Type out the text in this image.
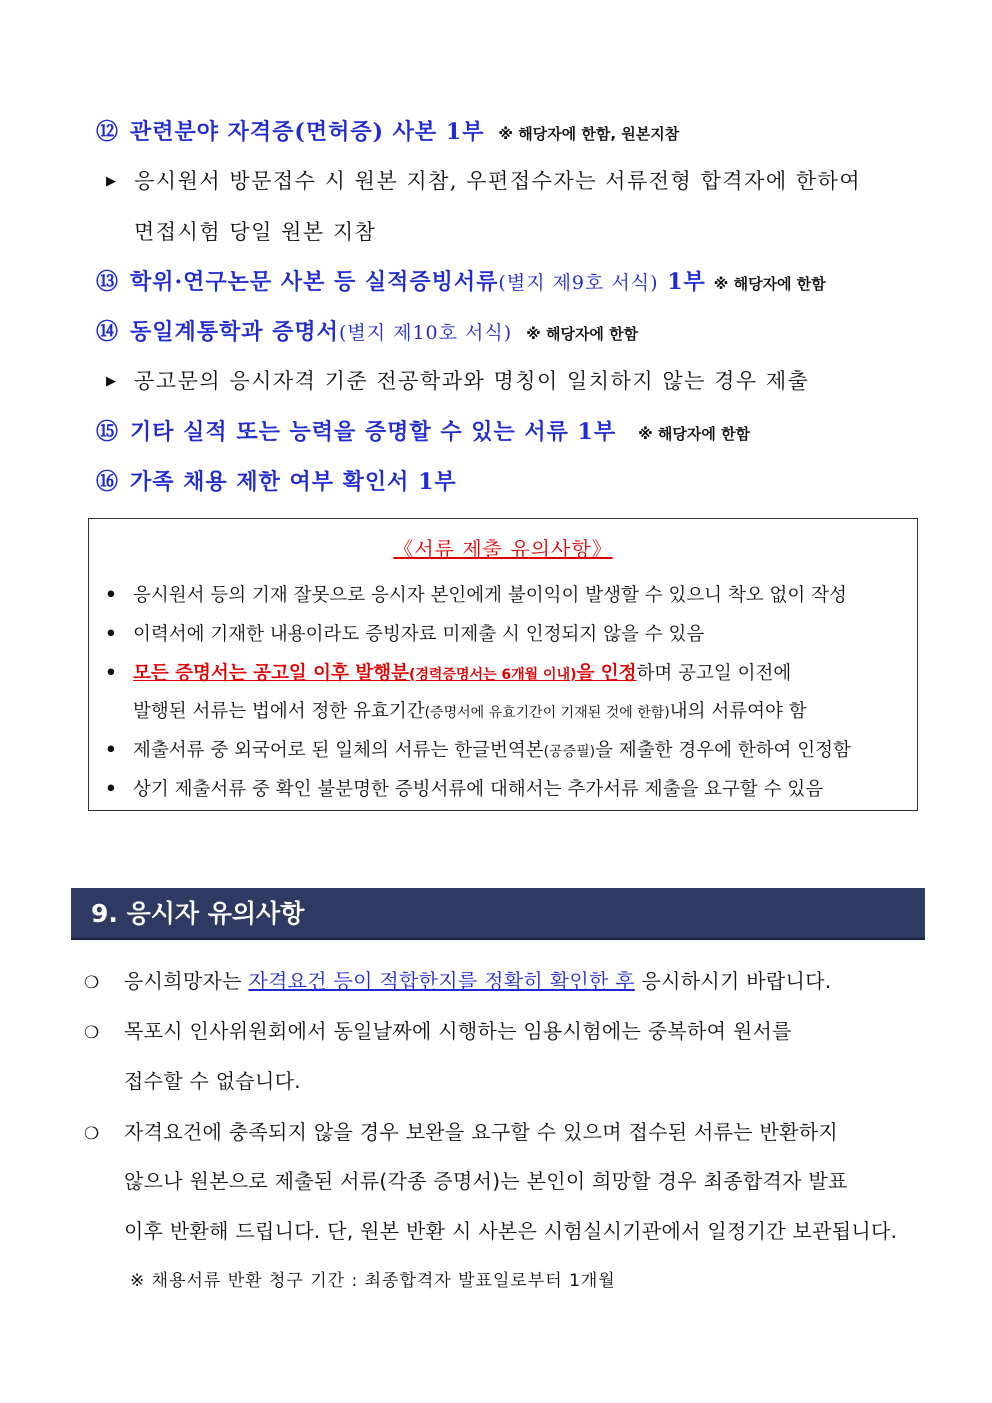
⑫ 관련분야 자격증(면허증) 사본 1부 ※ 해당자에 한함, 원본지참
▶ 응시원서 방문접수 시 원본 지참, 우편접수자는 서류전형 합격자에 한하여
면접시험 당일 원본 지참
⑬ 학위·연구논문 사본 등 실적증빙서류(별지 제9호 서식) 1부 ※ 해당자에 한함
⑭ 동일계통학과 증명서(별지 제10호 서식) ※ 해당자에 한함
▶ 공고문의 응시자격 기준 전공학과와 명칭이 일치하지 않는 경우 제출
⑮ 기타 실적 또는 능력을 증명할 수 있는 서류 1부 ※ 해당자에 한함
⑯ 가족 채용 제한 여부 확인서 1부
《서류 제출 유의사항》
• 응시원서 등의 기재 잘못으로 응시자 본인에게 불이익이 발생할 수 있으니 착오 없이 작성
• 이력서에 기재한 내용이라도 증빙자료 미제출 시 인정되지 않을 수 있음
• 모든 증명서는 공고일 이후 발행분(경력증명서는 6개월 이내)을 인정하며 공고일 이전에
발행된 서류는 법에서 정한 유효기간(증명서에 유효기간이 기재된 것에 한함)내의 서류여야 함
• 제출서류 중 외국어로 된 일체의 서류는 한글번역본(공증필)을 제출한 경우에 한하여 인정함
• 상기 제출서류 중 확인 불분명한 증빙서류에 대해서는 추가서류 제출을 요구할 수 있음
9. 응시자 유의사항
❍ 응시희망자는 자격요건 등이 적합한지를 정확히 확인한 후 응시하시기 바랍니다.
❍ 목포시 인사위원회에서 동일날짜에 시행하는 임용시험에는 중복하여 원서를
접수할 수 없습니다.
❍ 자격요건에 충족되지 않을 경우 보완을 요구할 수 있으며 접수된 서류는 반환하지
않으나 원본으로 제출된 서류(각종 증명서)는 본인이 희망할 경우 최종합격자 발표
이후 반환해 드립니다. 단, 원본 반환 시 사본은 시험실시기관에서 일정기간 보관됩니다.
※ 채용서류 반환 청구 기간 : 최종합격자 발표일로부터 1개월
